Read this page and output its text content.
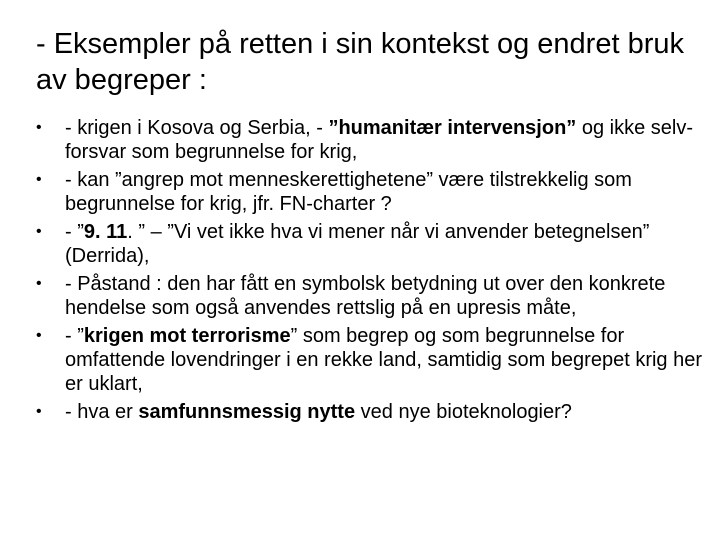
- Eksempler på retten i sin kontekst og endret bruk av begreper :
•	- krigen i Kosova og Serbia, - ”humanitær intervensjon” og ikke selv-forsvar som begrunnelse for krig,
•	- kan ”angrep mot menneskerettighetene” være tilstrekkelig som begrunnelse for krig, jfr. FN-charter ?
•	- ”9. 11. ” – ”Vi vet ikke hva vi mener når vi anvender betegnelsen” (Derrida),
•	- Påstand : den har fått en symbolsk betydning ut over den konkrete hendelse som også anvendes rettslig på en upresis måte,
•	- ”krigen mot terrorisme” som begrep og som begrunnelse for omfattende lovendringer i en rekke land, samtidig som begrepet krig her er uklart,
•	- hva er samfunnsmessig nytte ved nye bioteknologier?
